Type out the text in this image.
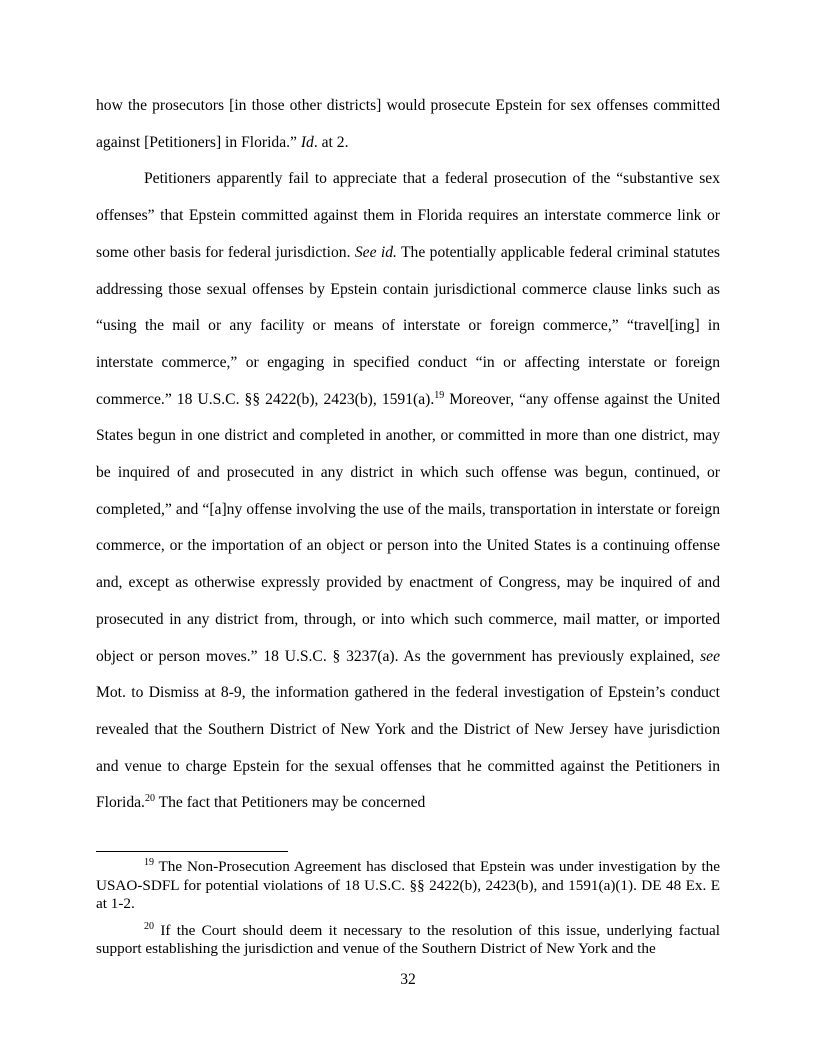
how the prosecutors [in those other districts] would prosecute Epstein for sex offenses committed against [Petitioners] in Florida.” Id. at 2.

Petitioners apparently fail to appreciate that a federal prosecution of the “substantive sex offenses” that Epstein committed against them in Florida requires an interstate commerce link or some other basis for federal jurisdiction. See id. The potentially applicable federal criminal statutes addressing those sexual offenses by Epstein contain jurisdictional commerce clause links such as “using the mail or any facility or means of interstate or foreign commerce,” “travel[ing] in interstate commerce,” or engaging in specified conduct “in or affecting interstate or foreign commerce.” 18 U.S.C. §§ 2422(b), 2423(b), 1591(a).$^{19}$ Moreover, “any offense against the United States begun in one district and completed in another, or committed in more than one district, may be inquired of and prosecuted in any district in which such offense was begun, continued, or completed,” and “[a]ny offense involving the use of the mails, transportation in interstate or foreign commerce, or the importation of an object or person into the United States is a continuing offense and, except as otherwise expressly provided by enactment of Congress, may be inquired of and prosecuted in any district from, through, or into which such commerce, mail matter, or imported object or person moves.” 18 U.S.C. § 3237(a). As the government has previously explained, see Mot. to Dismiss at 8-9, the information gathered in the federal investigation of Epstein’s conduct revealed that the Southern District of New York and the District of New Jersey have jurisdiction and venue to charge Epstein for the sexual offenses that he committed against the Petitioners in Florida.$^{20}$ The fact that Petitioners may be concerned

$^{19}$ The Non-Prosecution Agreement has disclosed that Epstein was under investigation by the USAO-SDFL for potential violations of 18 U.S.C. §§ 2422(b), 2423(b), and 1591(a)(1). DE 48 Ex. E at 1-2.

$^{20}$ If the Court should deem it necessary to the resolution of this issue, underlying factual support establishing the jurisdiction and venue of the Southern District of New York and the

32
